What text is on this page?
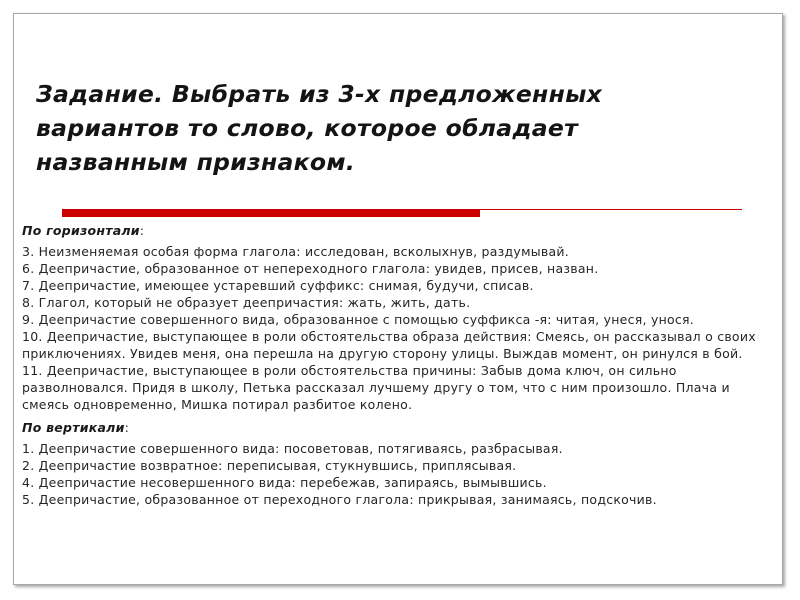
Задание. Выбрать из 3-х предложенных
вариантов то слово, которое обладает
названным признаком.
По горизонтали:
3. Неизменяемая особая форма глагола: исследован, всколыхнув, раздумывай.
6. Деепричастие, образованное от непереходного глагола: увидев, присев, назван.
7. Деепричастие, имеющее устаревший суффикс: снимая, будучи, списав.
8. Глагол, который не образует деепричастия: жать, жить, дать.
9. Деепричастие совершенного вида, образованное с помощью суффикса -я: читая, унеся, унося.
10. Деепричастие, выступающее в роли обстоятельства образа действия: Смеясь, он рассказывал о своих приключениях. Увидев меня, она перешла на другую сторону улицы. Выждав момент, он ринулся в бой.
11. Деепричастие, выступающее в роли обстоятельства причины: Забыв дома ключ, он сильно разволновался. Придя в школу, Петька рассказал лучшему другу о том, что с ним произошло. Плача и смеясь одновременно, Мишка потирал разбитое колено.
По вертикали:
1. Деепричастие совершенного вида: посоветовав, потягиваясь, разбрасывая.
2. Деепричастие возвратное: переписывая, стукнувшись, приплясывая.
4. Деепричастие несовершенного вида: перебежав, запираясь, вымывшись.
5. Деепричастие, образованное от переходного глагола: прикрывая, занимаясь, подскочив.
